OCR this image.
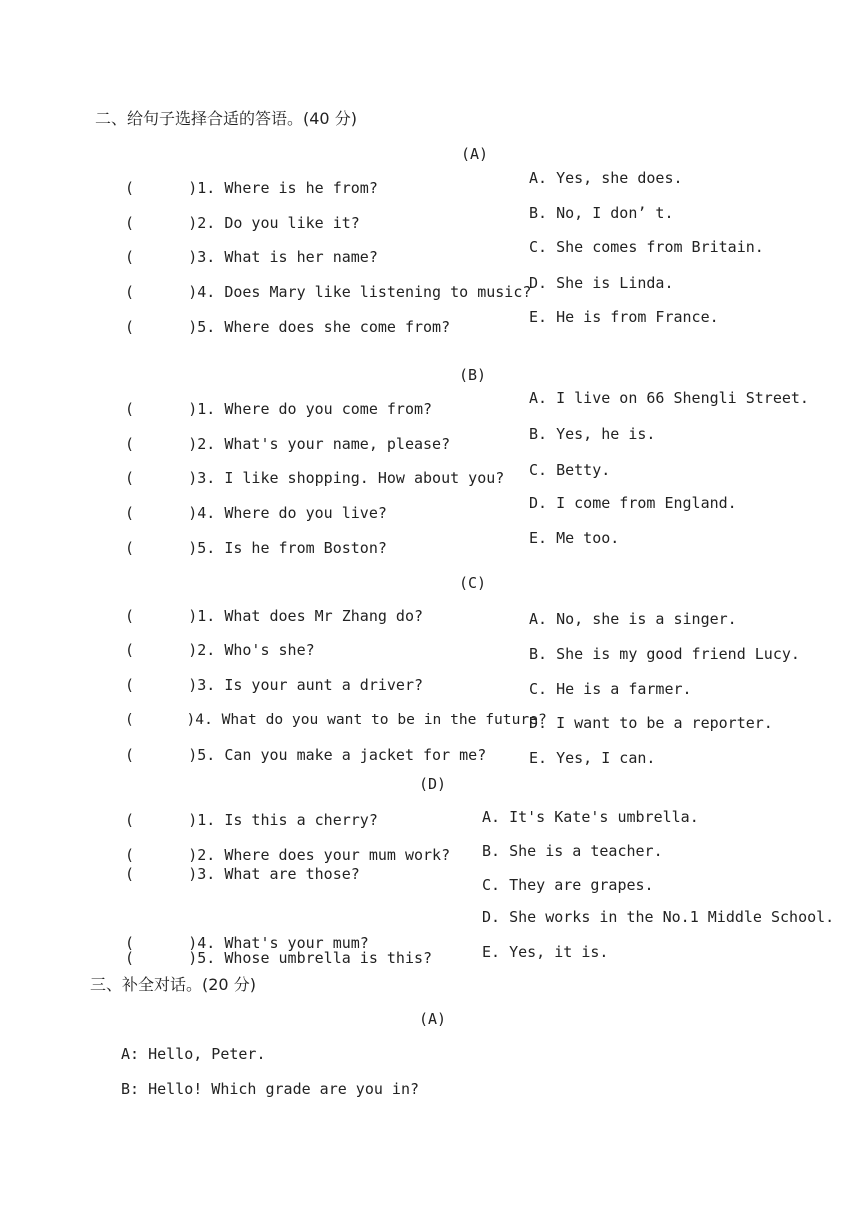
二、给句子选择合适的答语。(40 分)
(A)
(      )1. Where is he from?
(      )2. Do you like it?
(      )3. What is her name?
(      )4. Does Mary like listening to music?
(      )5. Where does she come from?
A. Yes, she does.
B. No, I don’ t.
C. She comes from Britain.
D. She is Linda.
E. He is from France.
(B)
(      )1. Where do you come from?
(      )2. What's your name, please?
(      )3. I like shopping. How about you?
(      )4. Where do you live?
(      )5. Is he from Boston?
A. I live on 66 Shengli Street.
B. Yes, he is.
C. Betty.
D. I come from England.
E. Me too.
(C)
(      )1. What does Mr Zhang do?
(      )2. Who's she?
(      )3. Is your aunt a driver?
(      )4. What do you want to be in the future?
(      )5. Can you make a jacket for me?
A. No, she is a singer.
B. She is my good friend Lucy.
C. He is a farmer.
D. I want to be a reporter.
E. Yes, I can.
(D)
(      )1. Is this a cherry?
(      )2. Where does your mum work?
(      )3. What are those?
(      )4. What's your mum?
(      )5. Whose umbrella is this?
A. It's Kate's umbrella.
B. She is a teacher.
C. They are grapes.
D. She works in the No.1 Middle School.
E. Yes, it is.
三、补全对话。(20 分)
(A)
A: Hello, Peter.
B: Hello! Which grade are you in?
